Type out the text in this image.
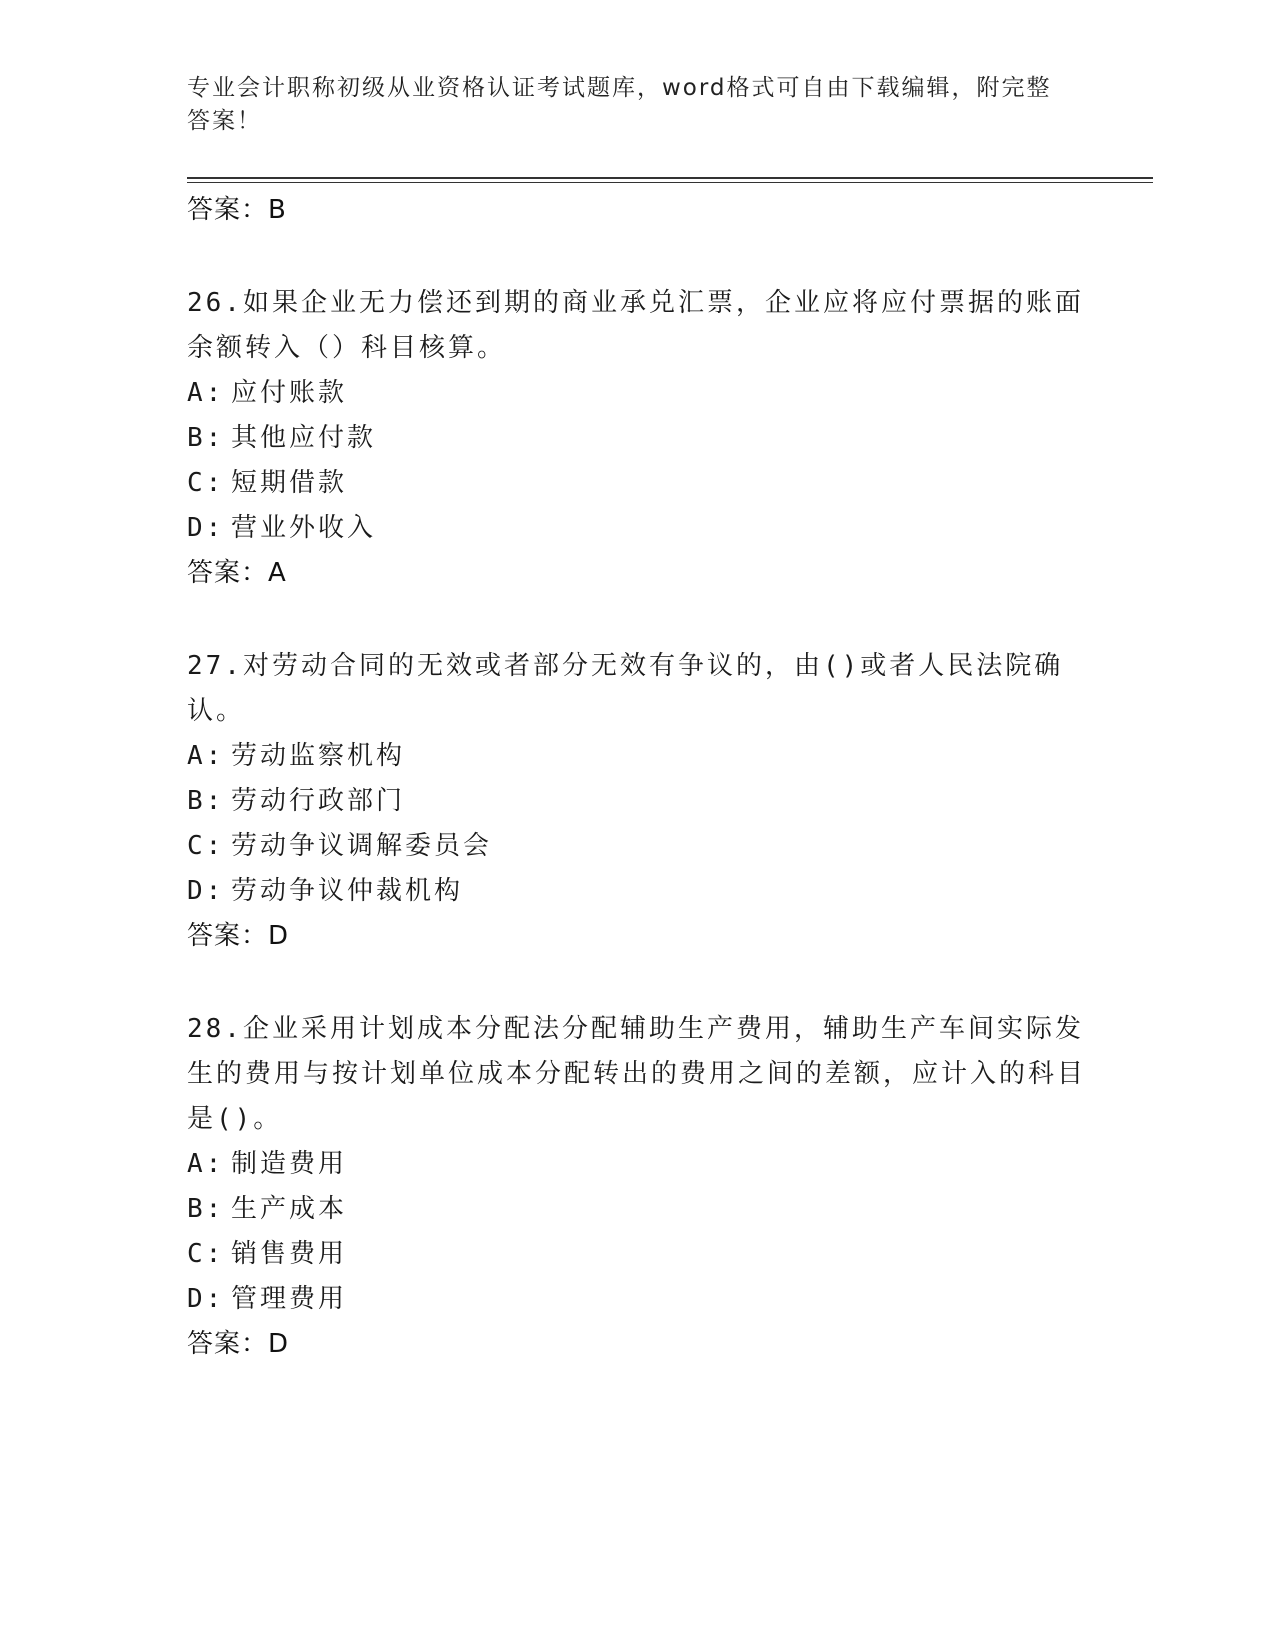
专业会计职称初级从业资格认证考试题库，word格式可自由下载编辑，附完整答案！
答案：B
26.如果企业无力偿还到期的商业承兑汇票，企业应将应付票据的账面余额转入（）科目核算。
A: 应付账款
B: 其他应付款
C: 短期借款
D: 营业外收入
答案：A
27.对劳动合同的无效或者部分无效有争议的，由()或者人民法院确认。
A: 劳动监察机构
B: 劳动行政部门
C: 劳动争议调解委员会
D: 劳动争议仲裁机构
答案：D
28.企业采用计划成本分配法分配辅助生产费用，辅助生产车间实际发生的费用与按计划单位成本分配转出的费用之间的差额，应计入的科目是()。
A: 制造费用
B: 生产成本
C: 销售费用
D: 管理费用
答案：D
